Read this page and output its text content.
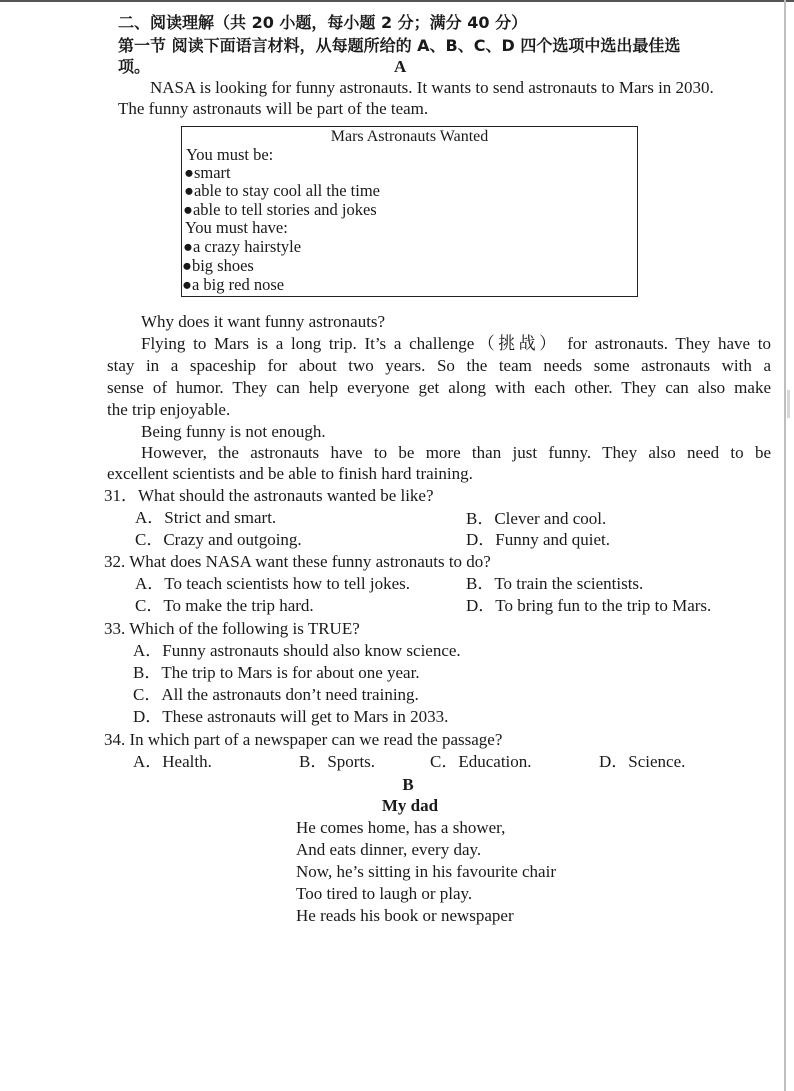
二、阅读理解（共 20 小题，每小题 2 分；满分 40 分）
第一节 阅读下面语言材料，从每题所给的 A、B、C、D 四个选项中选出最佳选
项。	A
NASA is looking for funny astronauts. It wants to send astronauts to Mars in 2030.
The funny astronauts will be part of the team.
Mars Astronauts Wanted
You must be:
●smart
●able to stay cool all the time
●able to tell stories and jokes
You must have:
●a crazy hairstyle
●big shoes
●a big red nose
Why does it want funny astronauts?
Flying to Mars is a long trip. It’s a challenge（挑战） for astronauts. They have to
stay in a spaceship for about two years. So the team needs some astronauts with a
sense of humor. They can help everyone get along with each other. They can also make
the trip enjoyable.
Being funny is not enough.
However, the astronauts have to be more than just funny. They also need to be
excellent scientists and be able to finish hard training.
31．What should the astronauts wanted be like?
A．Strict and smart.	B．Clever and cool.
C．Crazy and outgoing.	D．Funny and quiet.
32. What does NASA want these funny astronauts to do?
A．To teach scientists how to tell jokes.	B．To train the scientists.
C．To make the trip hard.	D．To bring fun to the trip to Mars.
33. Which of the following is TRUE?
A．Funny astronauts should also know science.
B．The trip to Mars is for about one year.
C．All the astronauts don’t need training.
D．These astronauts will get to Mars in 2033.
34. In which part of a newspaper can we read the passage?
A．Health.	B．Sports.	C．Education.	D．Science.
B
My dad
He comes home, has a shower,
And eats dinner, every day.
Now, he’s sitting in his favourite chair
Too tired to laugh or play.
He reads his book or newspaper
